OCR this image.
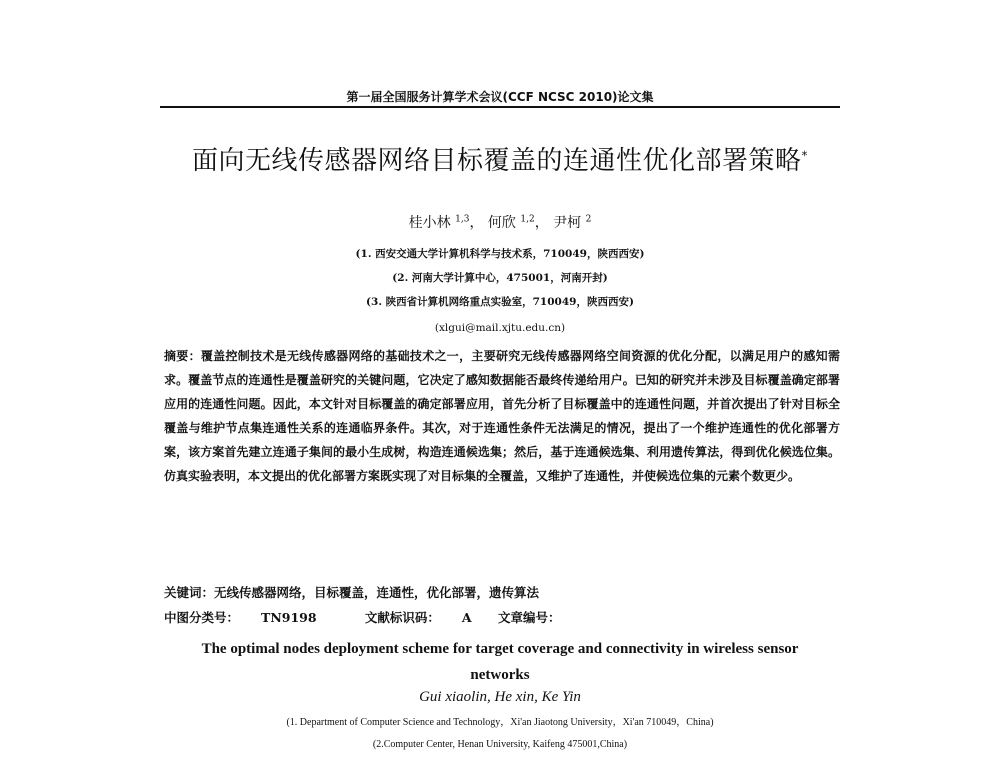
第一届全国服务计算学术会议(CCF NCSC 2010)论文集
面向无线传感器网络目标覆盖的连通性优化部署策略*
桂小林 $^{1,3}$， 何欣 $^{1,2}$， 尹柯 $^2$
(1. 西安交通大学计算机科学与技术系，710049，陕西西安)
(2. 河南大学计算中心，475001，河南开封)
(3. 陕西省计算机网络重点实验室，710049，陕西西安)
(xlgui@mail.xjtu.edu.cn)
摘要：覆盖控制技术是无线传感器网络的基础技术之一，主要研究无线传感器网络空间资源的优化分配，以满足用户的感知需求。覆盖节点的连通性是覆盖研究的关键问题，它决定了感知数据能否最终传递给用户。已知的研究并未涉及目标覆盖确定部署应用的连通性问题。因此，本文针对目标覆盖的确定部署应用，首先分析了目标覆盖中的连通性问题，并首次提出了针对目标全覆盖与维护节点集连通性关系的连通临界条件。其次，对于连通性条件无法满足的情况，提出了一个维护连通性的优化部署方案，该方案首先建立连通子集间的最小生成树，构造连通候选集；然后，基于连通候选集、利用遗传算法，得到优化候选位集。仿真实验表明，本文提出的优化部署方案既实现了对目标集的全覆盖，又维护了连通性，并使候选位集的元素个数更少。
关键词：无线传感器网络，目标覆盖，连通性，优化部署，遗传算法
中图分类号： TN9198	文献标识码： A 文章编号：
The optimal nodes deployment scheme for target coverage and connectivity in wireless sensor networks
Gui xiaolin, He xin, Ke Yin
(1. Department of Computer Science and Technology，Xi'an Jiaotong University，Xi'an 710049，China)
(2.Computer Center, Henan University, Kaifeng 475001,China)
